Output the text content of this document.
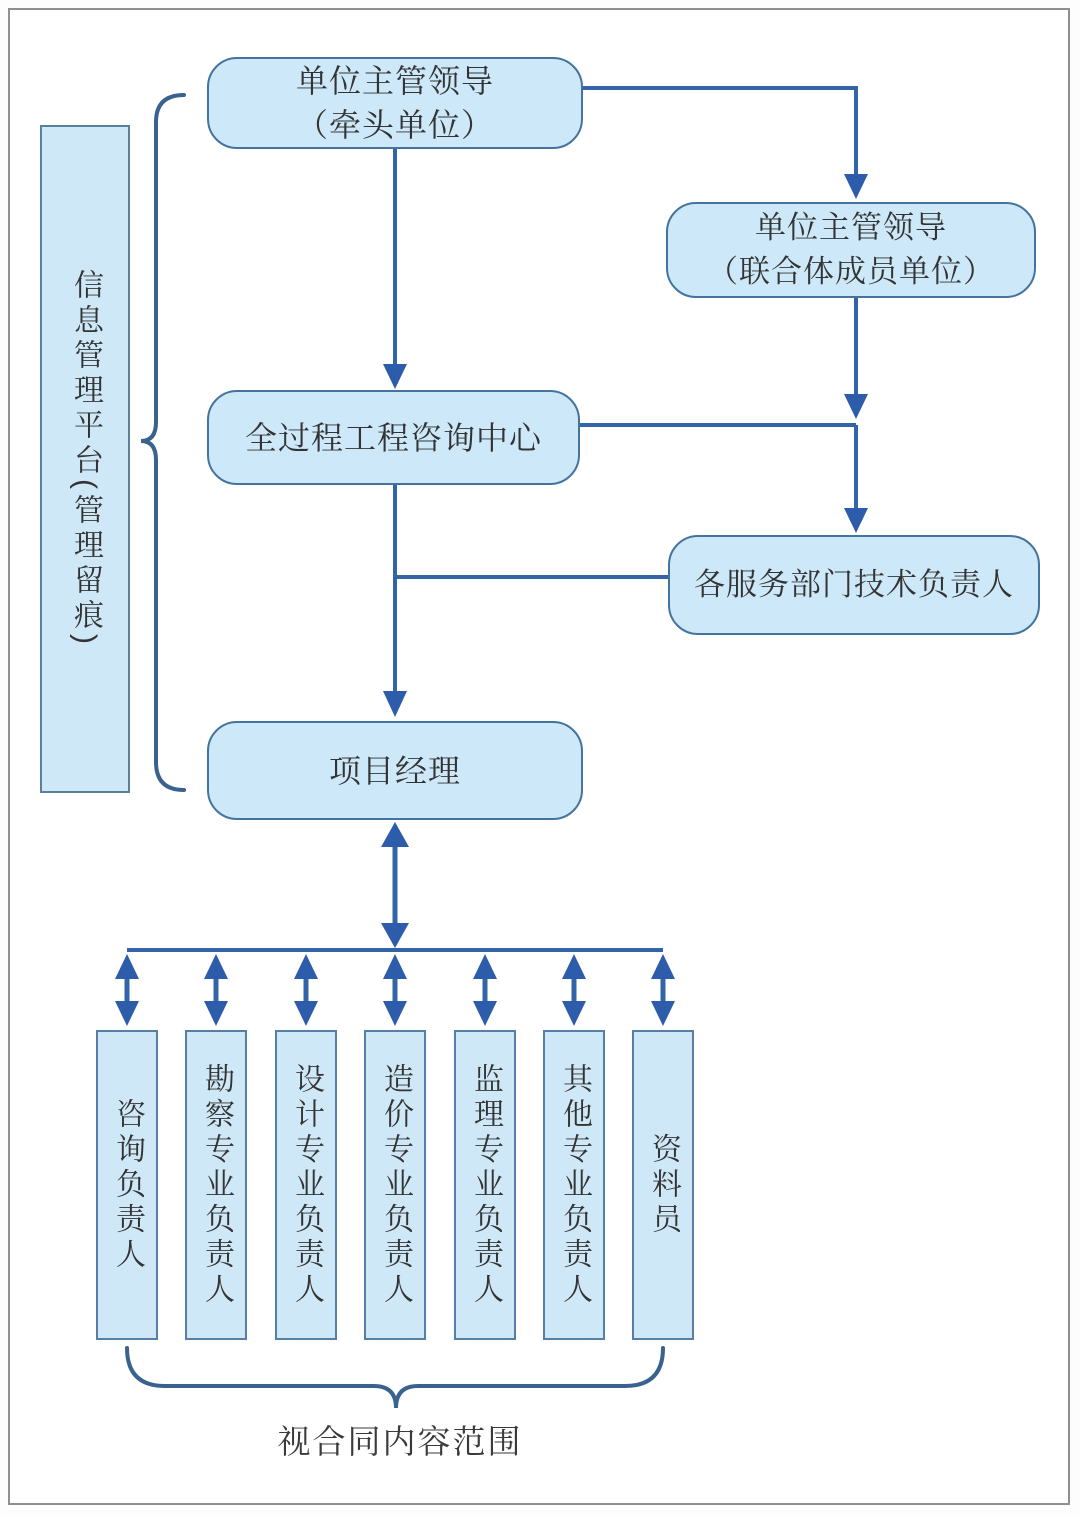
信息管理平台(管理留痕)
单位主管领导
（牵头单位）
单位主管领导
（联合体成员单位）
全过程工程咨询中心
各服务部门技术负责人
项目经理
咨询负责人 勘察专业负责人 设计专业负责人 造价专业负责人 监理专业负责人 其他专业负责人 资料员
视合同内容范围
